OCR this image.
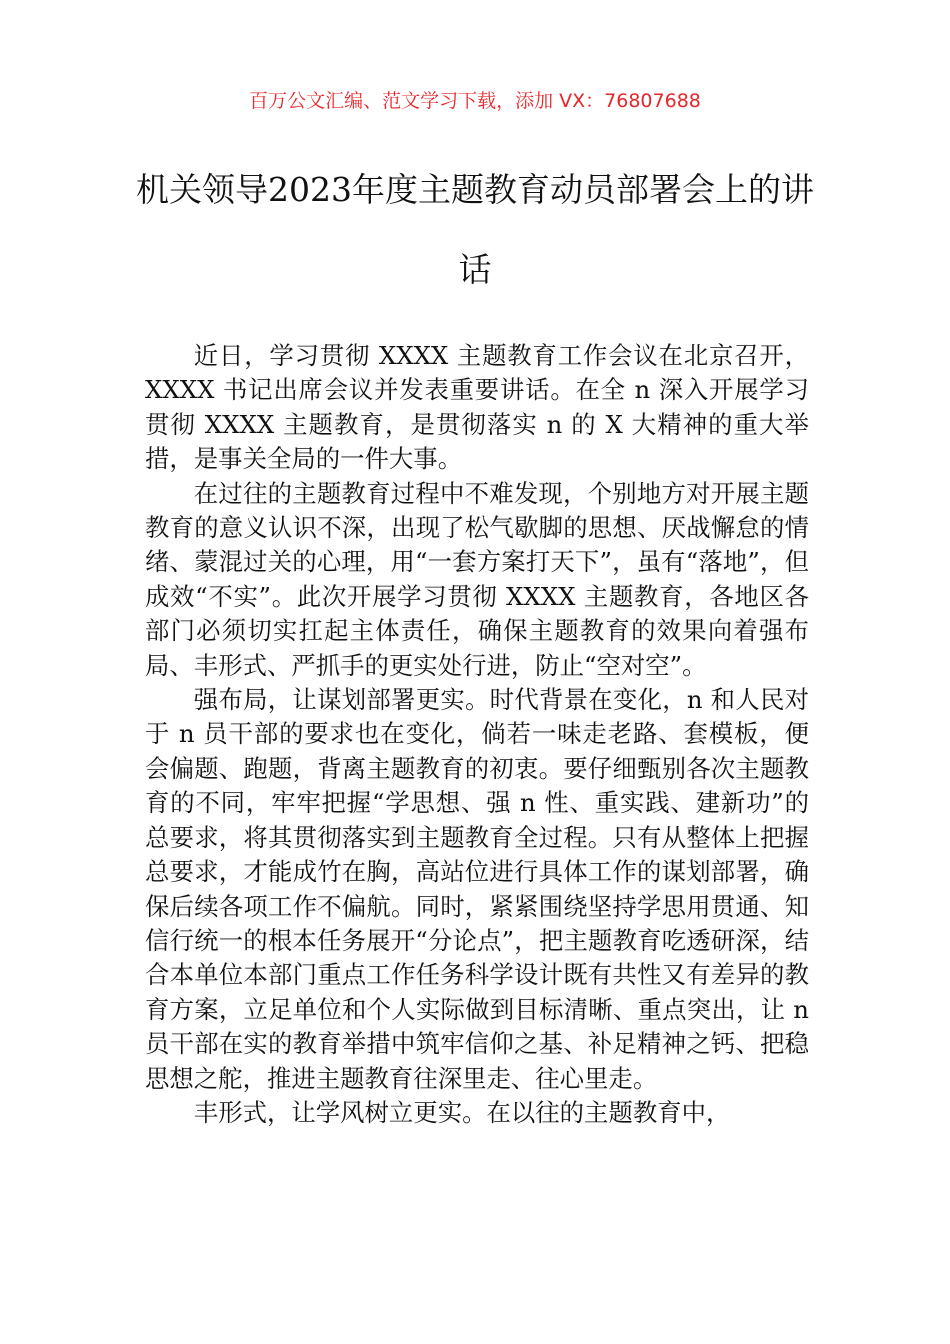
百万公文汇编、范文学习下载，添加 VX：76807688
机关领导2023年度主题教育动员部署会上的讲话

近日，学习贯彻 XXXX 主题教育工作会议在北京召开，XXXX 书记出席会议并发表重要讲话。在全 n 深入开展学习贯彻 XXXX 主题教育，是贯彻落实 n 的 X 大精神的重大举措，是事关全局的一件大事。

在过往的主题教育过程中不难发现，个别地方对开展主题教育的意义认识不深，出现了松气歇脚的思想、厌战懈怠的情绪、蒙混过关的心理，用“一套方案打天下”，虽有“落地”，但成效“不实”。此次开展学习贯彻 XXXX 主题教育，各地区各部门必须切实扛起主体责任，确保主题教育的效果向着强布局、丰形式、严抓手的更实处行进，防止“空对空”。

强布局，让谋划部署更实。时代背景在变化，n 和人民对于 n 员干部的要求也在变化，倘若一味走老路、套模板，便会偏题、跑题，背离主题教育的初衷。要仔细甄别各次主题教育的不同，牢牢把握“学思想、强 n 性、重实践、建新功”的总要求，将其贯彻落实到主题教育全过程。只有从整体上把握总要求，才能成竹在胸，高站位进行具体工作的谋划部署，确保后续各项工作不偏航。同时，紧紧围绕坚持学思用贯通、知信行统一的根本任务展开“分论点”，把主题教育吃透研深，结合本单位本部门重点工作任务科学设计既有共性又有差异的教育方案，立足单位和个人实际做到目标清晰、重点突出，让 n 员干部在实的教育举措中筑牢信仰之基、补足精神之钙、把稳思想之舵，推进主题教育往深里走、往心里走。

丰形式，让学风树立更实。在以往的主题教育中，
